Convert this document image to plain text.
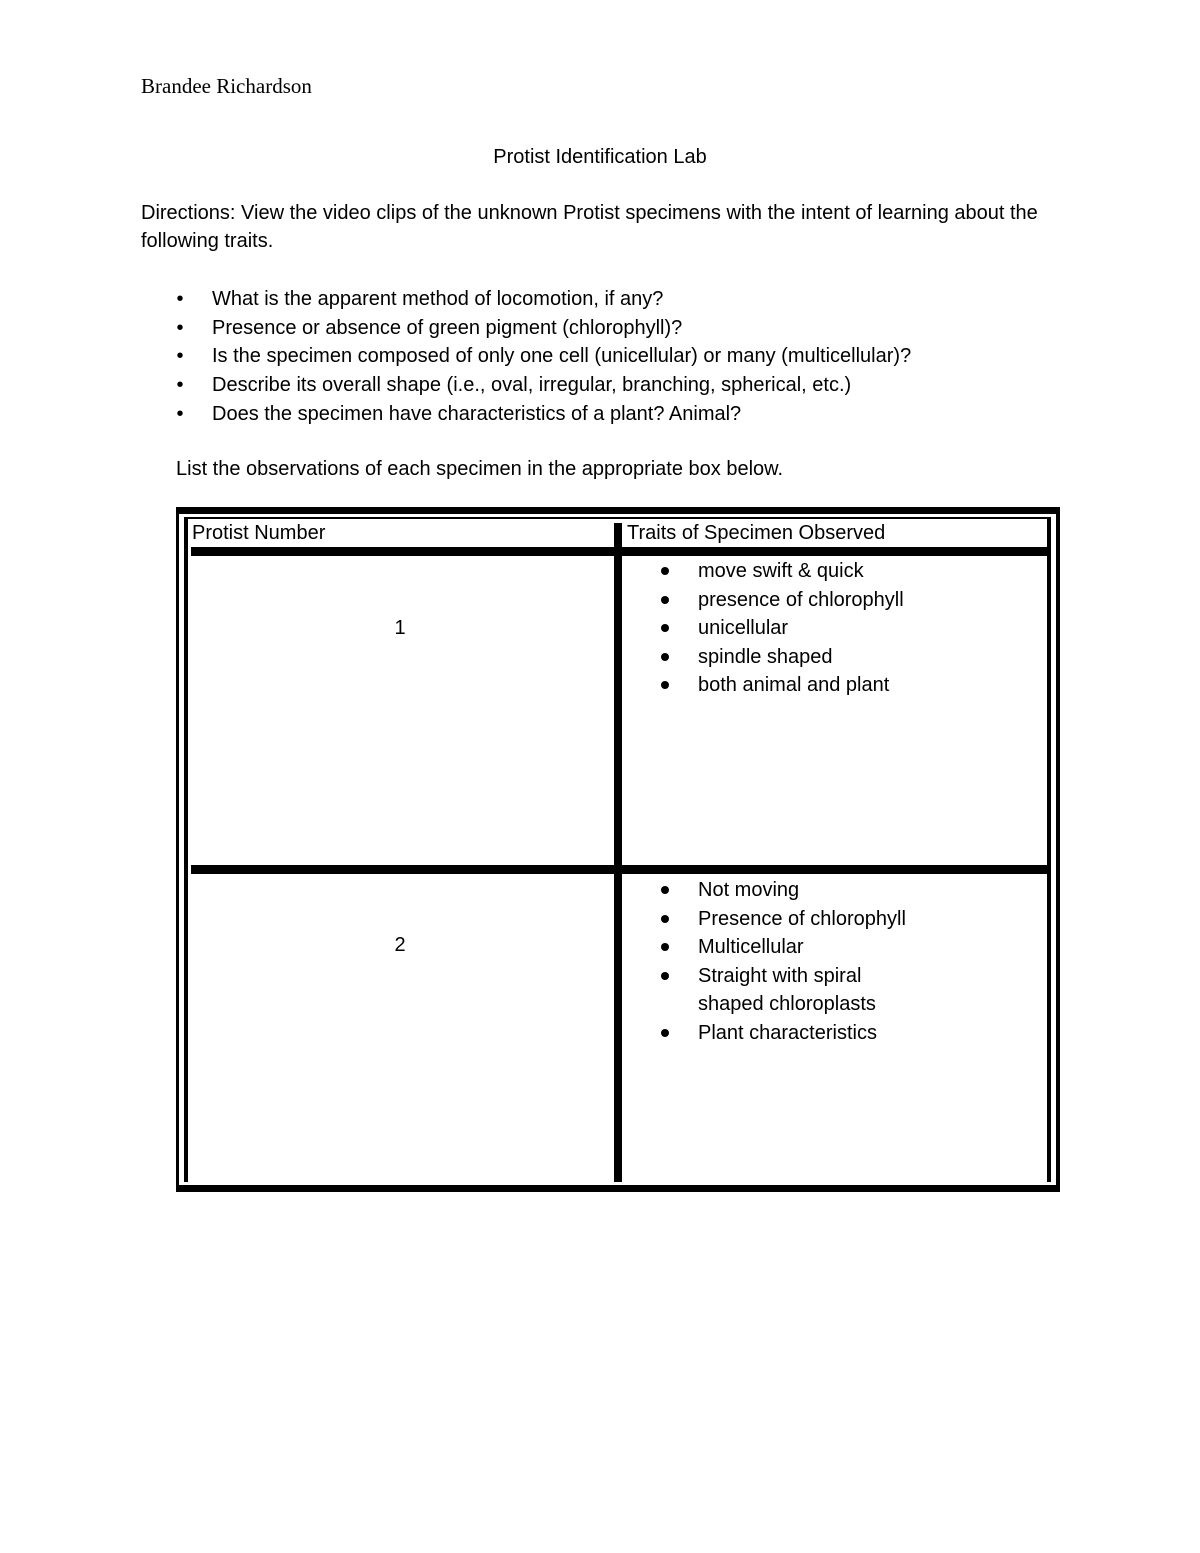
Brandee Richardson
Protist Identification Lab
Directions: View the video clips of the unknown Protist specimens with the intent of learning about the following traits.
• What is the apparent method of locomotion, if any?
• Presence or absence of green pigment (chlorophyll)?
• Is the specimen composed of only one cell (unicellular) or many (multicellular)?
• Describe its overall shape (i.e., oval, irregular, branching, spherical, etc.)
• Does the specimen have characteristics of a plant? Animal?
List the observations of each specimen in the appropriate box below.
Protist Number	Traits of Specimen Observed
1
move swift & quick
presence of chlorophyll
unicellular
spindle shaped
both animal and plant
2
Not moving
Presence of chlorophyll
Multicellular
Straight with spiral
shaped chloroplasts
Plant characteristics
